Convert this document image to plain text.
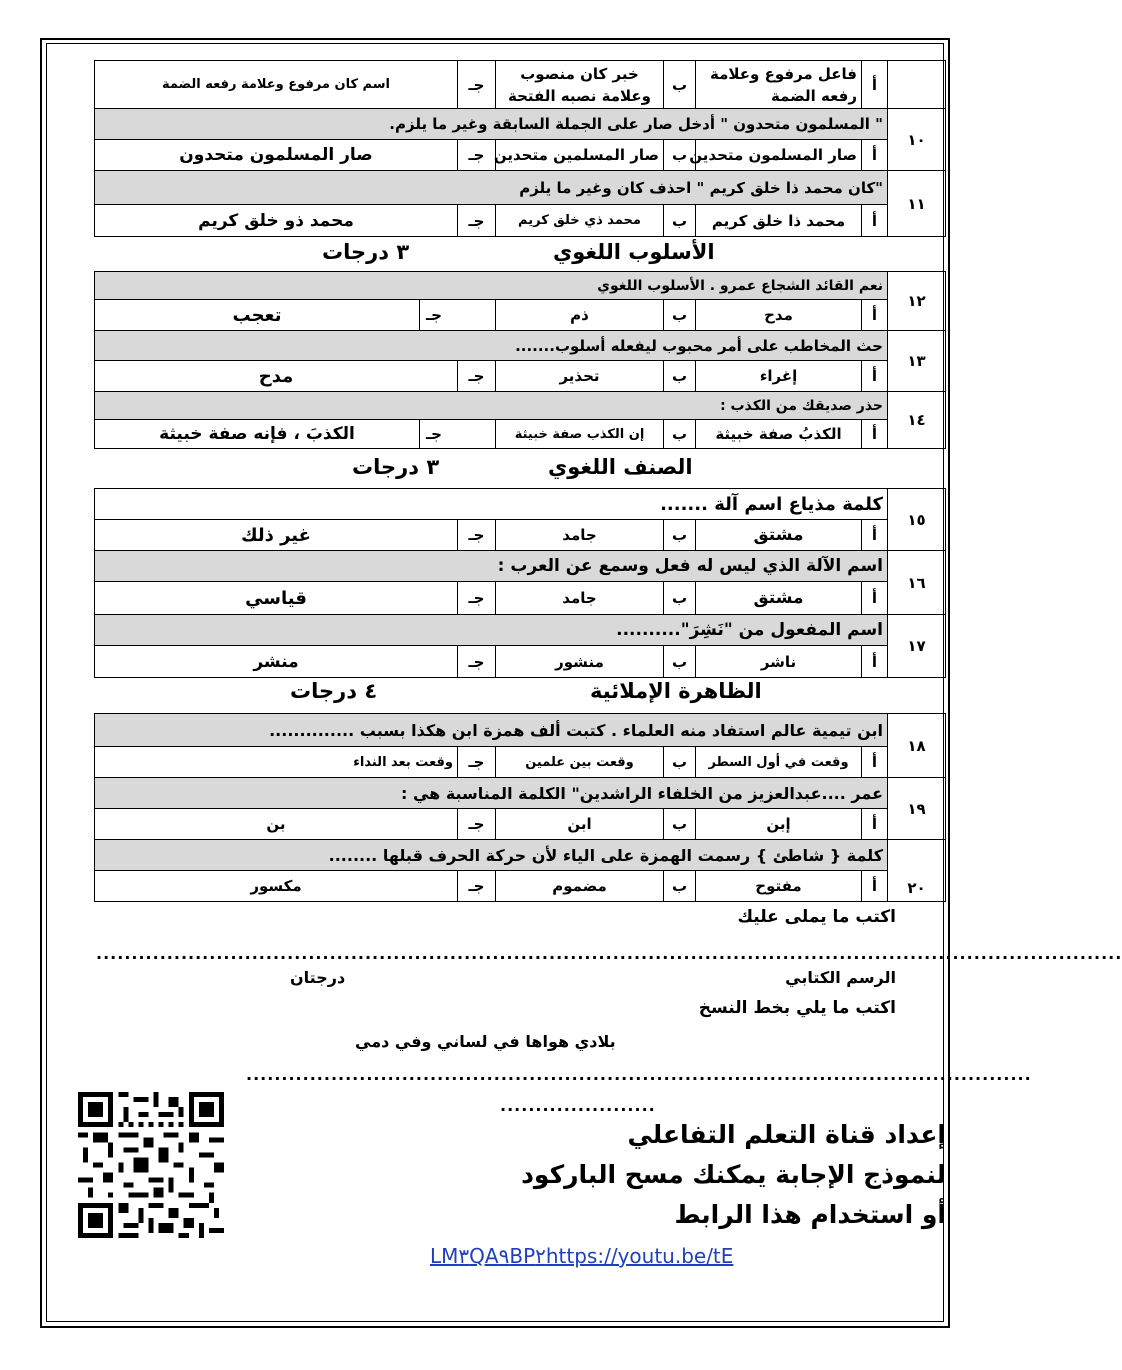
	أ	فاعل مرفوع وعلامة رفعه الضمة	ب	خبر كان منصوب وعلامة نصبه الفتحة	جـ	اسم كان مرفوع وعلامة رفعه الضمة
١٠	" المسلمون متحدون " أدخل صار على الجملة السابقة وغير ما يلزم.					
	أ	صار المسلمون متحدين	ب	صار المسلمين متحدين	جـ	صار المسلمون متحدون
١١	"كان محمد ذا خلق كريم " احذف كان وغير ما يلزم					
	أ	محمد ذا خلق كريم	ب	محمد ذي خلق كريم	جـ	محمد ذو خلق كريم
الأسلوب اللغوي
٣ درجات
١٢	نعم القائد الشجاع عمرو . الأسلوب اللغوي						
	أ	مدح	ب	ذم	جـ		تعجب
١٣	حث المخاطب على أمر محبوب ليفعله أسلوب.......						
	أ	إغراء	ب	تحذير	جـ	مدح	
١٤	حذر صديقك من الكذب :						
	أ	الكذبُ صفة خبيثة	ب	إن الكذب صفة خبيثة	جـ		الكذبَ ، فإنه صفة خبيثة
الصنف اللغوي
٣ درجات
١٥	كلمة مذياع اسم آلة .......					
	أ	مشتق	ب	جامد	جـ	غير ذلك
١٦	اسم الآلة الذي ليس له فعل وسمع عن العرب :					
	أ	مشتق	ب	جامد	جـ	قياسي
١٧	اسم المفعول من "نَشِرَ"..........					
	أ	ناشر	ب	منشور	جـ	منشر
الظاهرة الإملائية
٤ درجات
١٨	ابن تيمية عالم استفاد منه العلماء . كتبت ألف همزة ابن هكذا بسبب ..............					
	أ	وقعت في أول السطر	ب	وقعت بين علمين	جـ	وقعت بعد النداء
١٩	عمر ....عبدالعزيز من الخلفاء الراشدين" الكلمة المناسبة هي :					
	أ	إبن	ب	ابن	جـ	بن
٢٠	كلمة { شاطئ } رسمت الهمزة على الياء لأن حركة الحرف قبلها ........					
	أ	مفتوح	ب	مضموم	جـ	مكسور
اكتب ما يملى عليك
.................................................................................................................................................
الرسم الكتابي
درجتان
اكتب ما يلي بخط النسخ
بلادي هواها في لساني وفي دمي
...............................................................................................................
......................
إعداد قناة التعلم التفاعلي
لنموذج الإجابة يمكنك مسح الباركود
أو استخدام هذا الرابط
LM٣QA٩BP٢https://youtu.be/tE
